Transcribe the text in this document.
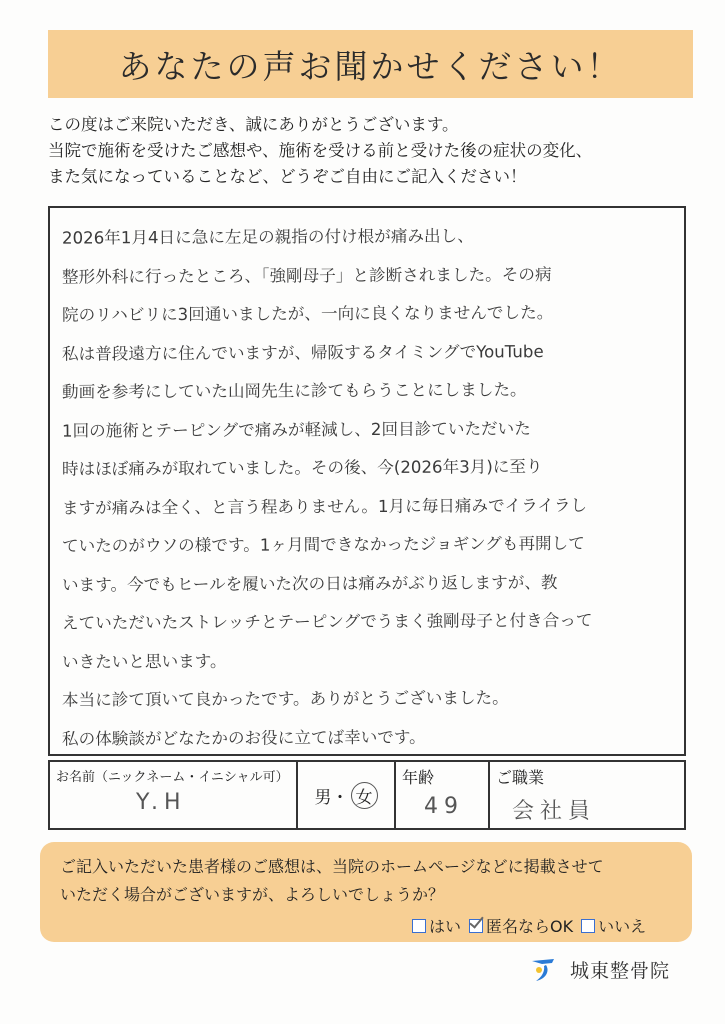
あなたの声お聞かせください！

この度はご来院いただき、誠にありがとうございます。

当院で施術を受けたご感想や、施術を受ける前と受けた後の症状の変化、

また気になっていることなど、どうぞご自由にご記入ください！

2026年1月4日に急に左足の親指の付け根が痛み出し、
整形外科に行ったところ、「強剛母子」と診断されました。その病
院のリハビリに3回通いましたが、一向に良くなりませんでした。
私は普段遠方に住んでいますが、帰阪するタイミングでYouTube
動画を参考にしていた山岡先生に診てもらうことにしました。
1回の施術とテーピングで痛みが軽減し、2回目診ていただいた
時はほぼ痛みが取れていました。その後、今(2026年3月)に至り
ますが痛みは全く、と言う程ありません。1月に毎日痛みでイライラし
ていたのがウソの様です。1ヶ月間できなかったジョギングも再開して
います。今でもヒールを履いた次の日は痛みがぶり返しますが、教
えていただいたストレッチとテーピングでうまく強剛母子と付き合って
いきたいと思います。
本当に診て頂いて良かったです。ありがとうございました。
私の体験談がどなたかのお役に立てば幸いです。
お名前（ニックネーム・イニシャル可）
Y.H	男 ・ 女
年齢
49
ご職業
会社員

ご記入いただいた患者様のご感想は、当院のホームページなどに掲載させて

いただく場合がございますが、よろしいでしょうか？

はい 匿名ならOK いいえ
城東整骨院
